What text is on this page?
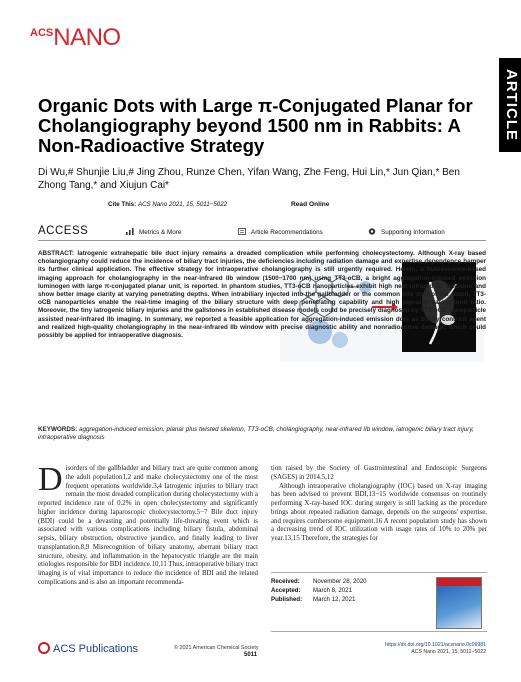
$^{ACS}$NANO
ARTICLE
Organic Dots with Large π-Conjugated Planar for Cholangiography beyond 1500 nm in Rabbits: A Non-Radioactive Strategy
Di Wu,# Shunjie Liu,# Jing Zhou, Runze Chen, Yifan Wang, Zhe Feng, Hui Lin,* Jun Qian,* Ben Zhong Tang,* and Xiujun Cai*
Cite This: ACS Nano 2021, 15, 5011−5022	Read Online
ACCESS	Metrics & More	Article Recommendations	Supporting Information
ABSTRACT: Iatrogenic extrahepatic bile duct injury remains a dreaded complication while performing cholecystectomy. Although X-ray based cholangiography could reduce the incidence of biliary tract injuries, the deficiencies including radiation damage and expertise dependence hamper its further clinical application. The effective strategy for intraoperative cholangiography is still urgently required. Herein, a fluorescence-based imaging approach for cholangiography in the near-infrared IIb window (1500−1700 nm) using TT3-oCB, a bright aggregation-induced emission luminogen with large π-conjugated planar unit, is reported. In phantom studies, TT3-oCB nanoparticles exhibit high near-infrared IIb emission and show better image clarity at varying penetrating depths. When intrabiliary injected into the gallbladder or the common bile duct of the rabbit, TT3-oCB nanoparticles enable the real-time imaging of the biliary structure with deep penetrating capability and high signal-to-background ratio. Moreover, the tiny iatrogenic biliary injuries and the gallstones in established disease models could be precisely diagnosed by TT3-oCB nanoparticle assisted near-infrared IIb imaging. In summary, we reported a feasible application for aggregation-induced emission dots as biliary contrast agent and realized high-quality cholangiography in the near-infrared IIb window with precise diagnostic ability and nonradioactive damage, which could possibly be applied for intraoperative diagnosis.
KEYWORDS: aggregation-induced emission, planar plus twisted skeleton, TT3-oCB, cholangiography, near-infrared IIb window, iatrogenic biliary tract injury, intraoperative diagnosis

Disorders of the gallbladder and biliary tract are quite common among the adult population1,2 and make cholecystectomy one of the most frequent operations worldwide.3,4 Iatrogenic injuries to biliary tract remain the most dreaded complication during cholecystectomy with a reported incidence rate of 0.2% in open cholecystectomy and significantly higher incidence during laparoscopic cholecystectomy.5−7 Bile duct injury (BDI) could be a devasting and potentially life-threating event which is associated with various complications including biliary fistula, abdominal sepsis, biliary obstruction, obstructive jaundice, and finally leading to liver transplantation.8,9 Misrecognition of biliary anatomy, aberrant biliary tract structure, obesity, and inflammation in the hepatocystic triangle are the main etiologies responsible for BDI incidence.10,11 Thus, intraoperative biliary tract imaging is of vital importance to reduce the incidence of BDI and the related complications and is also an important recommenda-

tion raised by the Society of Gastrointestinal and Endoscopic Surgeons (SAGES) in 2014.5,12

Although intraoperative cholangiography (IOC) based on X-ray imaging has been advised to prevent BDI,13−15 worldwide consensus on routinely performing X-ray-based IOC during surgery is still lacking as the procedure brings about repeated radiation damage, depends on the surgeons' expertise, and requires cumbersome equipment.16 A recent population study has shown a decreasing trend of IOC utilization with usage rates of 10% to 20% per year.13,15 Therefore, the strategies for

Received: November 28, 2020
Accepted: March 8, 2021
Published: March 12, 2021
ACS Publications	© 2021 American Chemical Society
5011
https://dx.doi.org/10.1021/acsnano.0c09981
ACS Nano 2021, 15, 5011−5022
